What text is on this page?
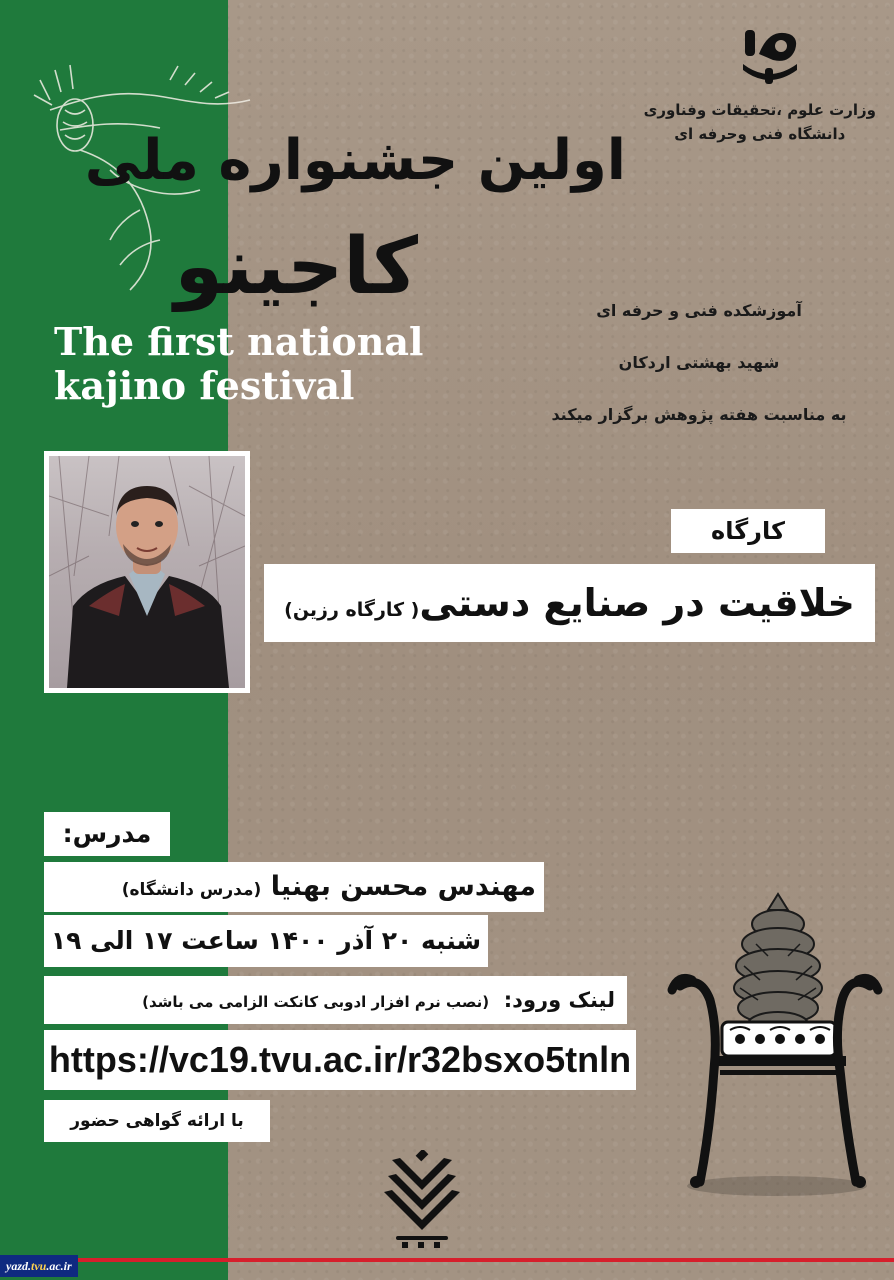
وزارت علوم ،تحقیقات وفناوری
دانشگاه فنی وحرفه ای
اولین جشنواره ملی
کاجینو
The first national
kajino festival
آموزشکده فنی و حرفه ای
شهید بهشتی اردکان
به مناسبت هفته پژوهش برگزار میکند
کارگاه
خلاقیت در صنایع دستی( کارگاه رزین)
مدرس:
مهندس محسن بهنیا (مدرس دانشگاه)
شنبه ۲۰ آذر ۱۴۰۰ ساعت ۱۷ الی ۱۹
لینک ورود:  (نصب نرم افزار ادوبی کانکت الزامی می باشد)
https://vc19.tvu.ac.ir/r32bsxo5tnln
با ارائه گواهی حضور
yazd.tvu.ac.ir
